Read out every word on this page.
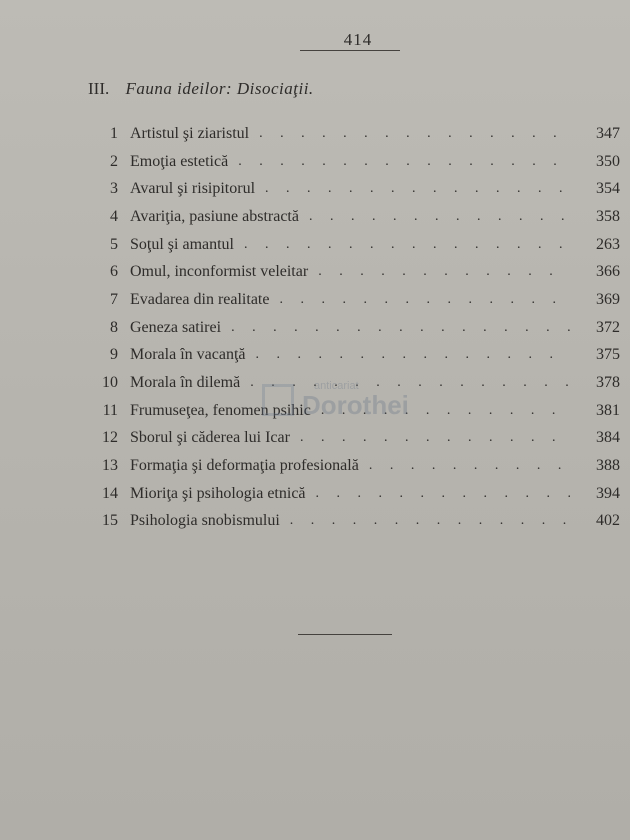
414
III. Fauna ideilor: Disociaţii.
1 Artistul şi ziaristul . . .	347
2 Emoţia estetică . . .	350
3 Avarul şi risipitorul . . .	354
4 Avariţia, pasiune abstractă . . .	358
5 Soţul şi amantul . . .	263
6 Omul, inconformist veleitar . . .	366
7 Evadarea din realitate . . .	369
8 Geneza satirei . . .	372
9 Morala în vacanţă . . .	375
10 Morala în dilemă . . .	378
11 Frumuseţea, fenomen psihic . . .	381
12 Sborul şi căderea lui Icar . . .	384
13 Formaţia şi deformaţia profesională . . .	388
14 Mioriţa şi psihologia etnică . . .	394
15 Psihologia snobismului . . .	402
anticariat
Dorothei
